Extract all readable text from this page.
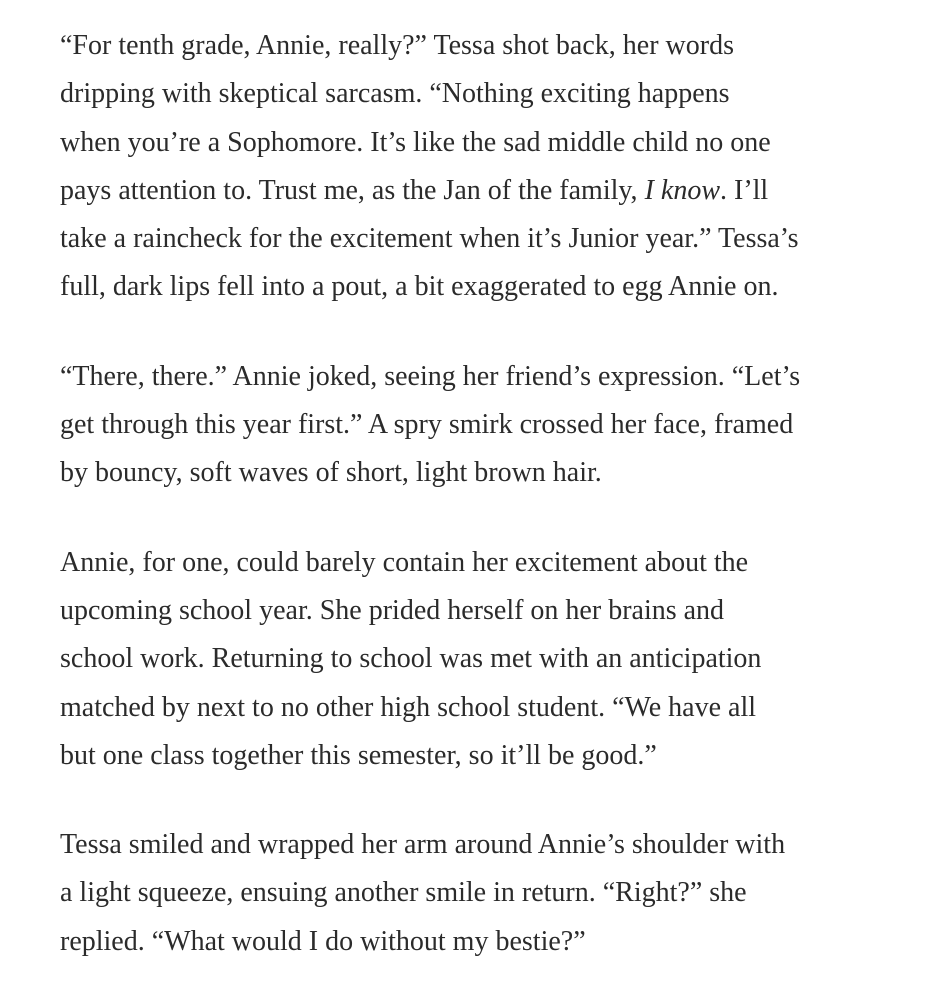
“For tenth grade, Annie, really?” Tessa shot back, her words
dripping with skeptical sarcasm. “Nothing exciting happens
when you’re a Sophomore. It’s like the sad middle child no one
pays attention to. Trust me, as the Jan of the family, I know. I’ll
take a raincheck for the excitement when it’s Junior year.” Tessa’s
full, dark lips fell into a pout, a bit exaggerated to egg Annie on.

“There, there.” Annie joked, seeing her friend’s expression. “Let’s
get through this year first.” A spry smirk crossed her face, framed
by bouncy, soft waves of short, light brown hair.

Annie, for one, could barely contain her excitement about the
upcoming school year. She prided herself on her brains and
school work. Returning to school was met with an anticipation
matched by next to no other high school student. “We have all
but one class together this semester, so it’ll be good.”

Tessa smiled and wrapped her arm around Annie’s shoulder with
a light squeeze, ensuing another smile in return. “Right?” she
replied. “What would I do without my bestie?”
